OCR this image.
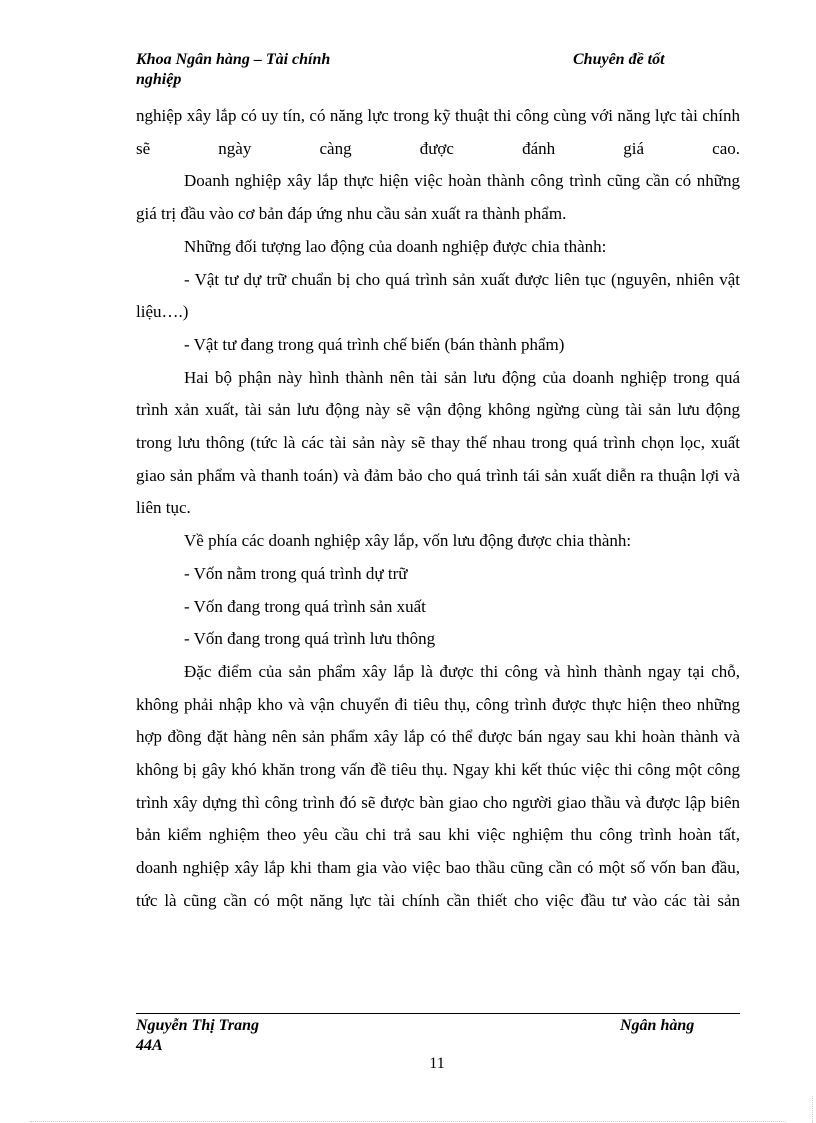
Khoa Ngân hàng – Tài chính	Chuyên đề tốt
nghiệp

nghiệp xây lắp có uy tín, có năng lực trong kỹ thuật thi công cùng với năng lực tài chính sẽ ngày càng được đánh giá cao.

Doanh nghiệp xây lắp thực hiện việc hoàn thành công trình cũng cần có những giá trị đầu vào cơ bản đáp ứng nhu cầu sản xuất ra thành phẩm.

Những đối tượng lao động của doanh nghiệp được chia thành:

- Vật tư dự trữ chuẩn bị cho quá trình sản xuất được liên tục (nguyên, nhiên vật liệu….)

- Vật tư đang trong quá trình chế biến (bán thành phẩm)

Hai bộ phận này hình thành nên tài sản lưu động của doanh nghiệp trong quá trình xản xuất, tài sản lưu động này sẽ vận động không ngừng cùng tài sản lưu động trong lưu thông (tức là các tài sản này sẽ thay thế nhau trong quá trình chọn lọc, xuất giao sản phẩm và thanh toán) và đảm bảo cho quá trình tái sản xuất diễn ra thuận lợi và liên tục.

Về phía các doanh nghiệp xây lắp, vốn lưu động được chia thành:

- Vốn nằm trong quá trình dự trữ

- Vốn đang trong quá trình sản xuất

- Vốn đang trong quá trình lưu thông

Đặc điểm của sản phẩm xây lắp là được thi công và hình thành ngay tại chỗ, không phải nhập kho và vận chuyển đi tiêu thụ, công trình được thực hiện theo những hợp đồng đặt hàng nên sản phẩm xây lắp có thể được bán ngay sau khi hoàn thành và không bị gây khó khăn trong vấn đề tiêu thụ. Ngay khi kết thúc việc thi công một công trình xây dựng thì công trình đó sẽ được bàn giao cho người giao thầu và được lập biên bản kiểm nghiệm theo yêu cầu chi trả sau khi việc nghiệm thu công trình hoàn tất, doanh nghiệp xây lắp khi tham gia vào việc bao thầu cũng cần có một số vốn ban đầu, tức là cũng cần có một năng lực tài chính cần thiết cho việc đầu tư vào các tài sản

Nguyễn Thị Trang	Ngân hàng
44A
11
